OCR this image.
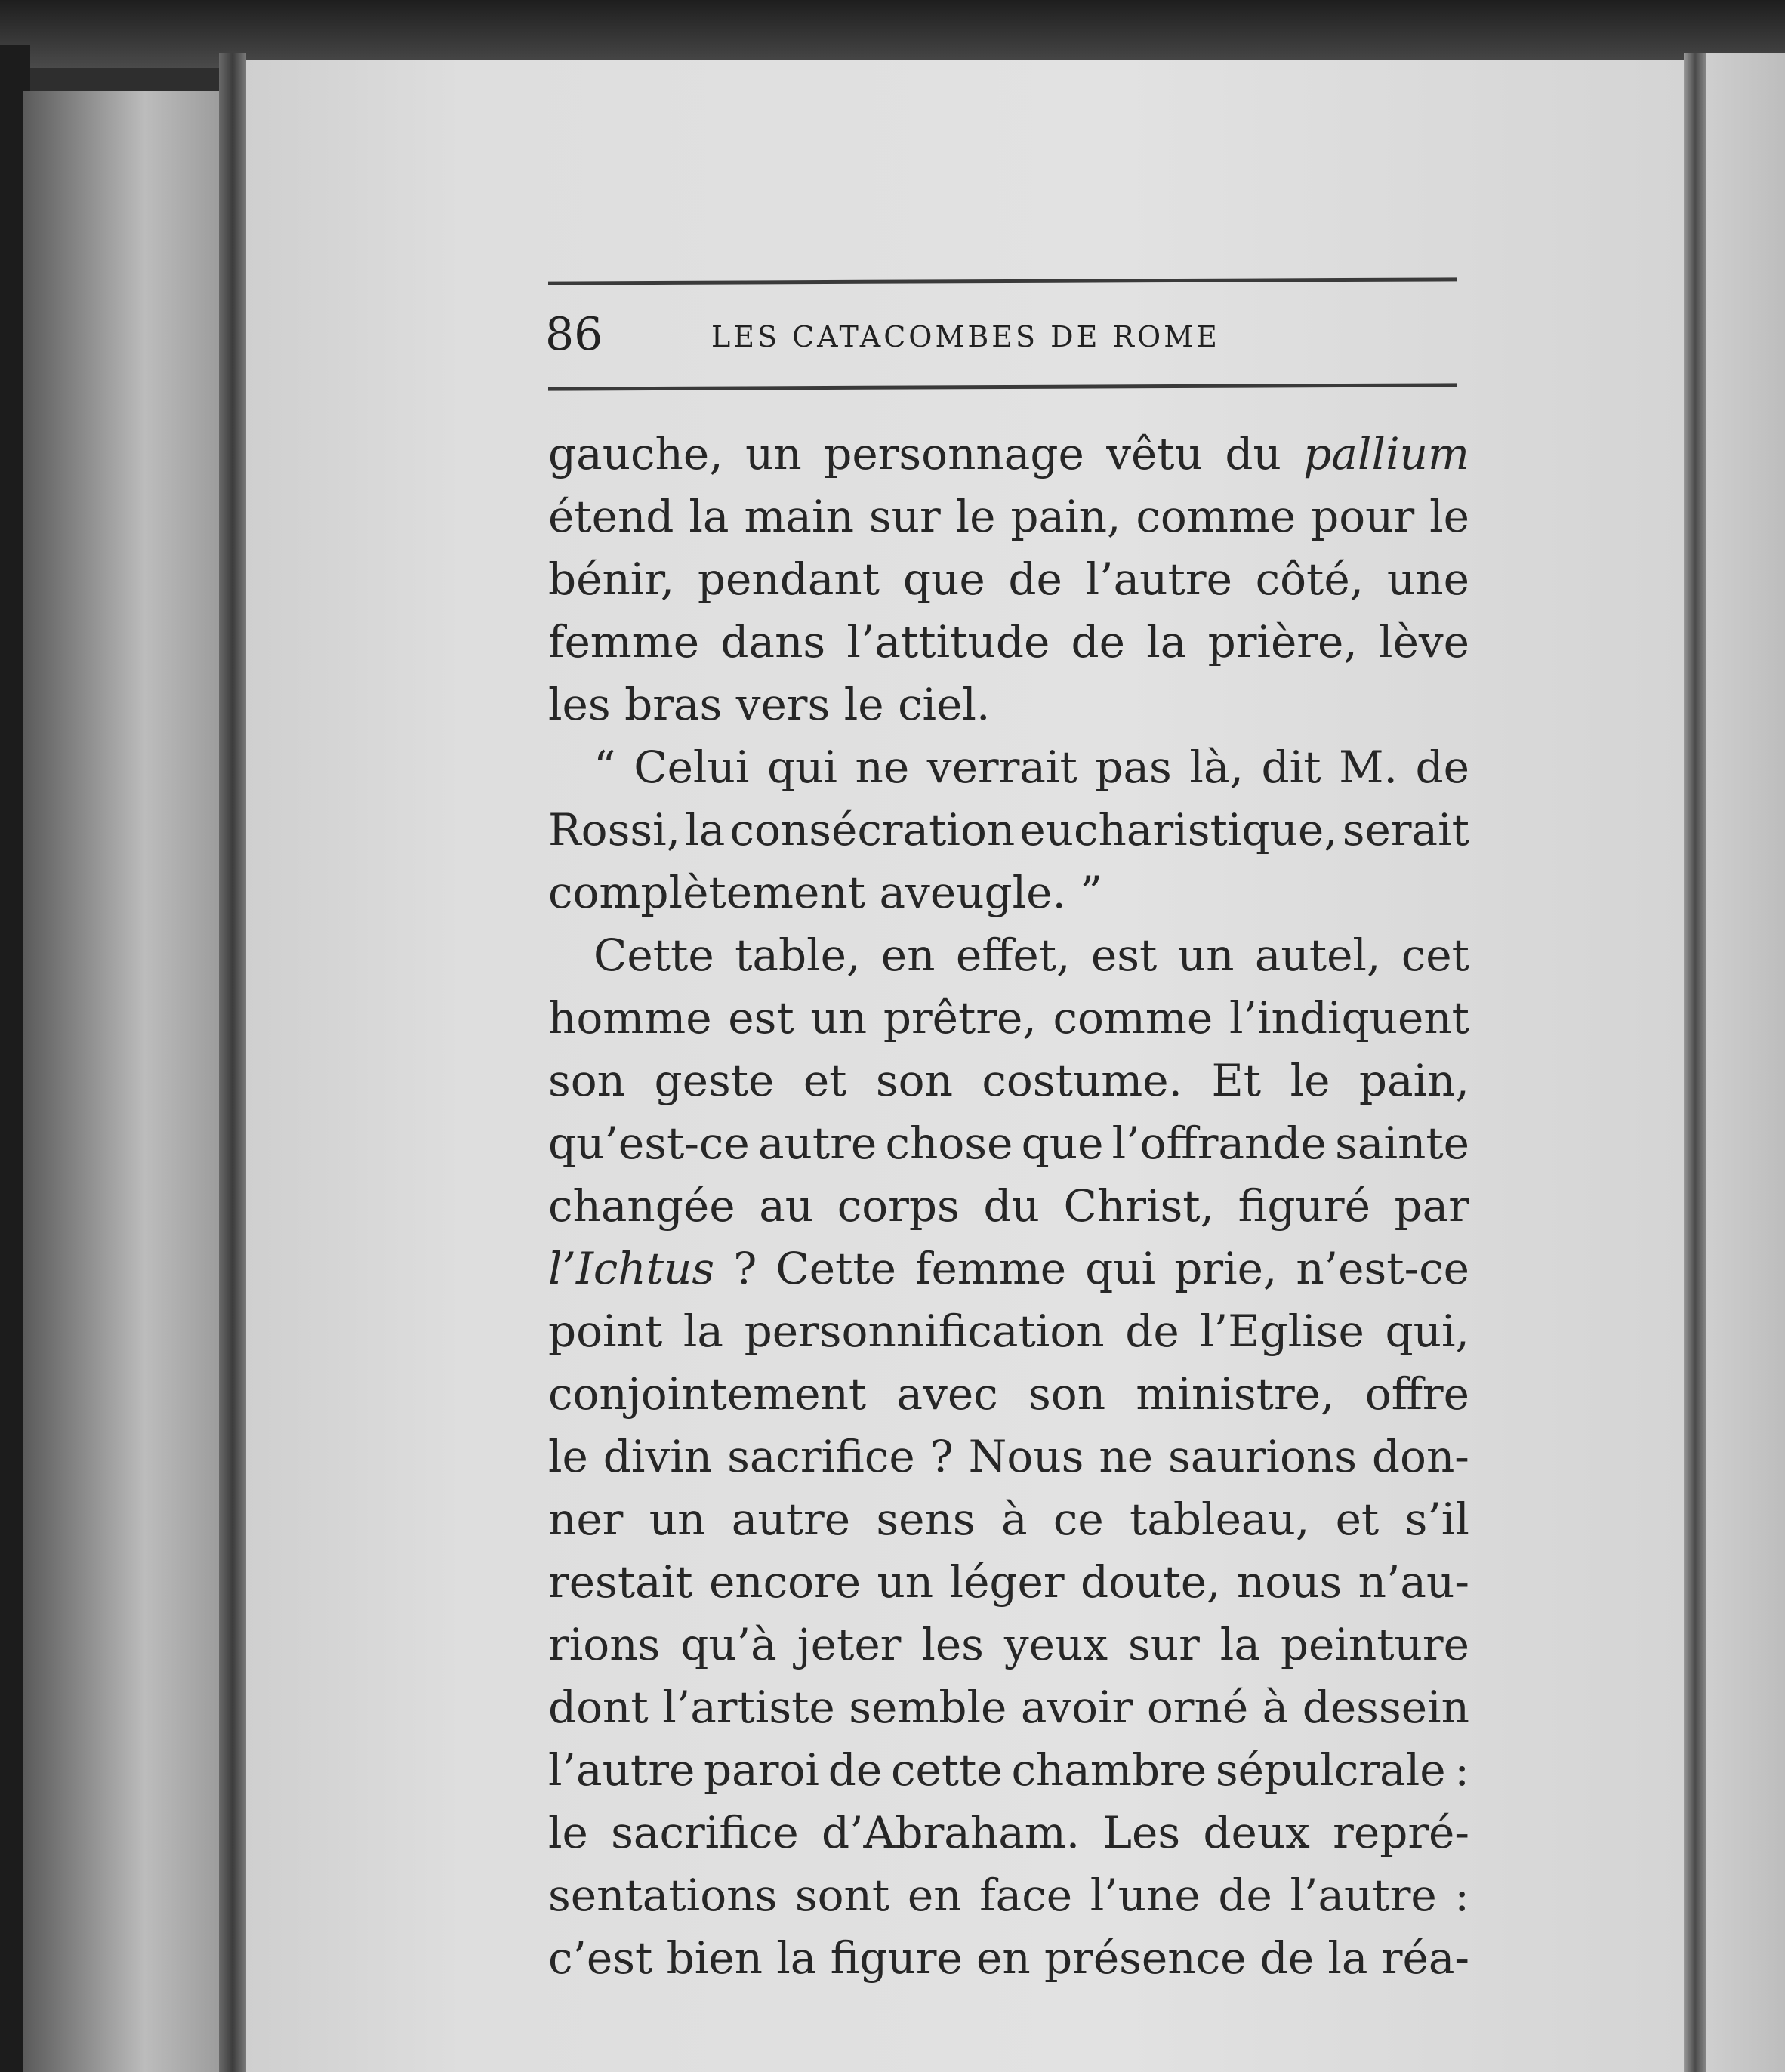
86	LES CATACOMBES DE ROME
gauche, un personnage vêtu du pallium
étend la main sur le pain, comme pour le
bénir, pendant que de l’autre côté, une
femme dans l’attitude de la prière, lève
les bras vers le ciel.
“ Celui qui ne verrait pas là, dit M. de
Rossi, la consécration eucharistique, serait
complètement aveugle. ”
Cette table, en effet, est un autel, cet
homme est un prêtre, comme l’indiquent
son geste et son costume. Et le pain,
qu’est-ce autre chose que l’offrande sainte
changée au corps du Christ, figuré par
l’Ichtus ? Cette femme qui prie, n’est-ce
point la personnification de l’Eglise qui,
conjointement avec son ministre, offre
le divin sacrifice ? Nous ne saurions don-
ner un autre sens à ce tableau, et s’il
restait encore un léger doute, nous n’au-
rions qu’à jeter les yeux sur la peinture
dont l’artiste semble avoir orné à dessein
l’autre paroi de cette chambre sépulcrale :
le sacrifice d’Abraham. Les deux repré-
sentations sont en face l’une de l’autre :
c’est bien la figure en présence de la réa-
